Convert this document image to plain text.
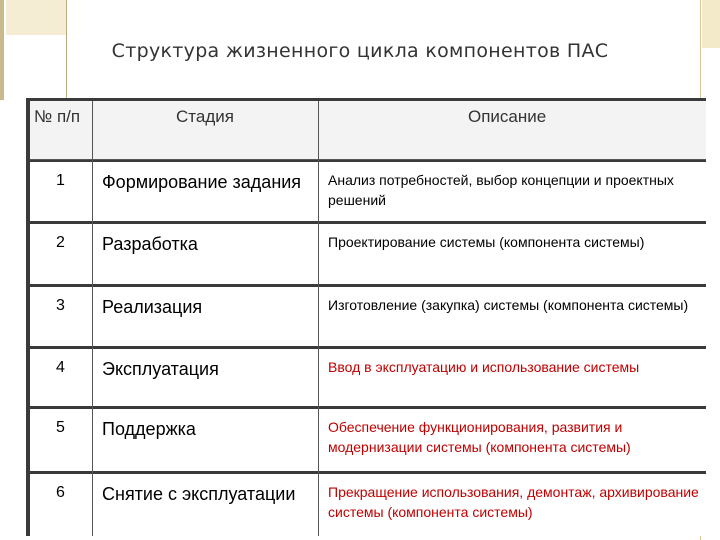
Структура жизненного цикла компонентов ПАС
№ п/п	Стадия	Описание
1 Формирование задания	Анализ потребностей, выбор концепции и проектных решений
2 Разработка	Проектирование системы (компонента системы)
3 Реализация	Изготовление (закупка) системы (компонента системы)
4 Эксплуатация	Ввод в эксплуатацию и использование системы
5 Поддержка	Обеспечение функционирования, развития и модернизации системы (компонента системы)
6 Снятие с эксплуатации	Прекращение использования, демонтаж, архивирование системы (компонента системы)
